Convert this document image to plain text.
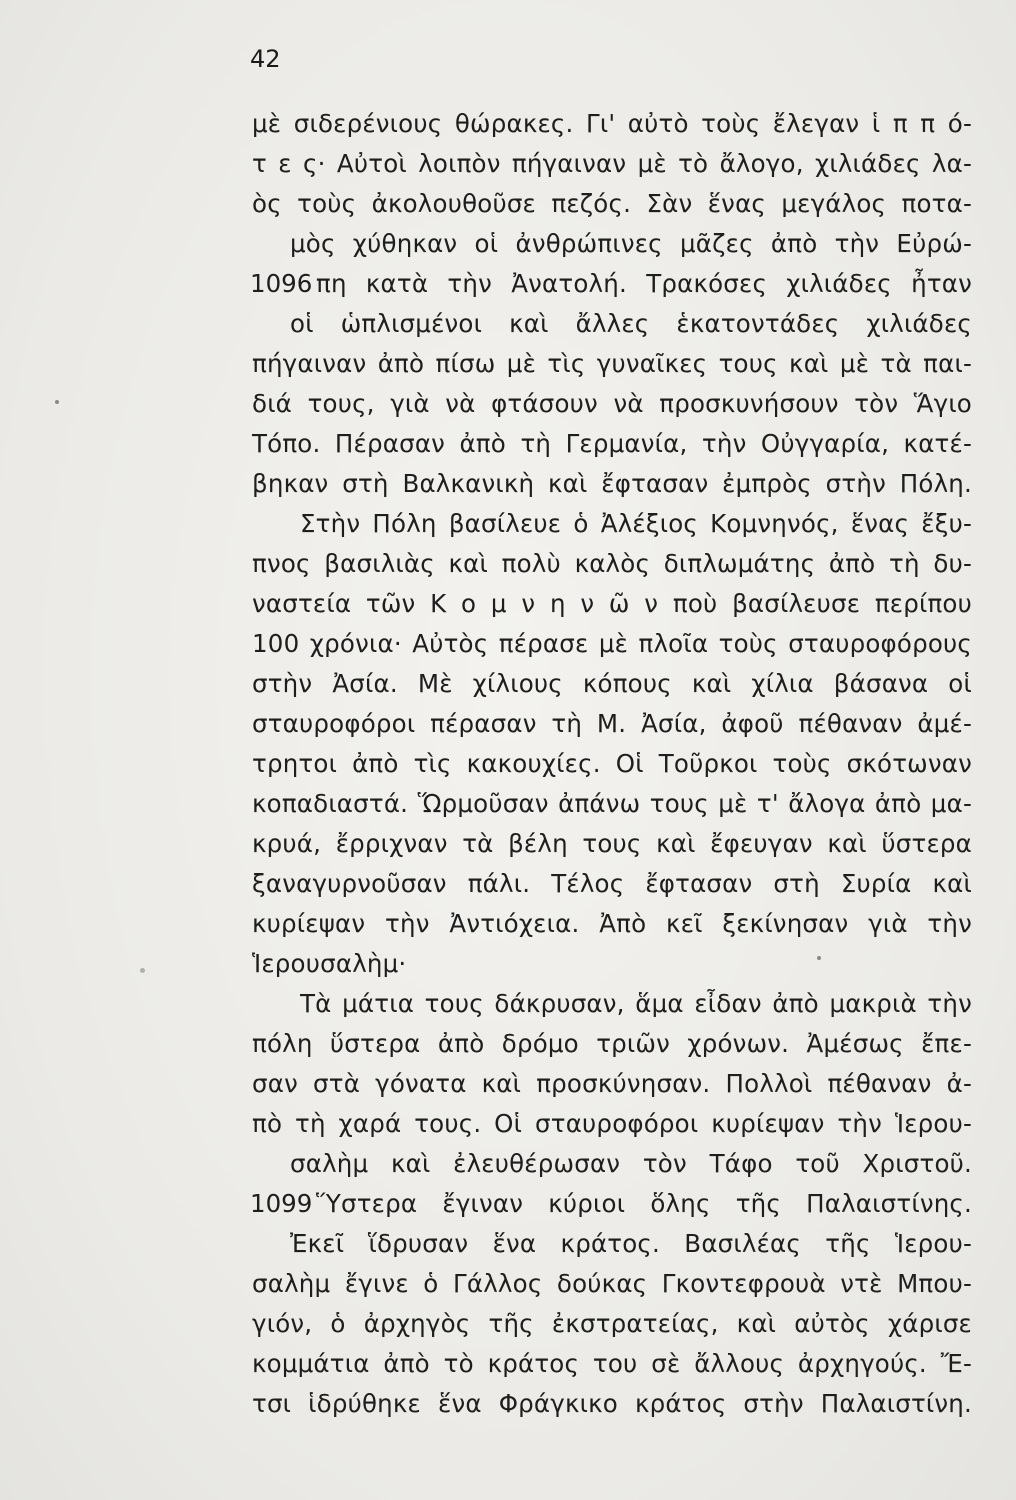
42
μὲ σιδερένιους θώρακες. Γι' αὐτὸ τοὺς ἔλεγαν ἱ π π ό-
τ ε ς· Αὐτοὶ λοιπὸν πήγαιναν μὲ τὸ ἄλογο, χιλιάδες λα-
ὸς τοὺς ἀκολουθοῦσε πεζός. Σὰν ἕνας μεγάλος ποτα-
μὸς χύθηκαν οἱ ἀνθρώπινες μᾶζες ἀπὸ τὴν Εὐρώ-
1096 πη κατὰ τὴν Ἀνατολή. Τρακόσες χιλιάδες ἦταν
οἱ ὡπλισμένοι καὶ ἄλλες ἑκατοντάδες χιλιάδες
πήγαιναν ἀπὸ πίσω μὲ τὶς γυναῖκες τους καὶ μὲ τὰ παι-
διά τους, γιὰ νὰ φτάσουν νὰ προσκυνήσουν τὸν Ἅγιο
Τόπο. Πέρασαν ἀπὸ τὴ Γερμανία, τὴν Οὐγγαρία, κατέ-
βηκαν στὴ Βαλκανικὴ καὶ ἔφτασαν ἐμπρὸς στὴν Πόλη.
Στὴν Πόλη βασίλευε ὁ Ἀλέξιος Κομνηνός, ἕνας ἔξυ-
πνος βασιλιὰς καὶ πολὺ καλὸς διπλωμάτης ἀπὸ τὴ δυ-
ναστεία τῶν Κ ο μ ν η ν ῶ ν ποὺ βασίλευσε περίπου
100 χρόνια· Αὐτὸς πέρασε μὲ πλοῖα τοὺς σταυροφόρους
στὴν Ἀσία. Μὲ χίλιους κόπους καὶ χίλια βάσανα οἱ
σταυροφόροι πέρασαν τὴ Μ. Ἀσία, ἀφοῦ πέθαναν ἀμέ-
τρητοι ἀπὸ τὶς κακουχίες. Οἱ Τοῦρκοι τοὺς σκότωναν
κοπαδιαστά. Ὥρμοῦσαν ἀπάνω τους μὲ τ' ἄλογα ἀπὸ μα-
κρυά, ἔρριχναν τὰ βέλη τους καὶ ἔφευγαν καὶ ὕστερα
ξαναγυρνοῦσαν πάλι. Τέλος ἔφτασαν στὴ Συρία καὶ
κυρίεψαν τὴν Ἀντιόχεια. Ἀπὸ κεῖ ξεκίνησαν γιὰ τὴν
Ἱερουσαλὴμ·
Τὰ μάτια τους δάκρυσαν, ἅμα εἶδαν ἀπὸ μακριὰ τὴν
πόλη ὕστερα ἀπὸ δρόμο τριῶν χρόνων. Ἀμέσως ἔπε-
σαν στὰ γόνατα καὶ προσκύνησαν. Πολλοὶ πέθαναν ἀ-
πὸ τὴ χαρά τους. Οἱ σταυροφόροι κυρίεψαν τὴν Ἱερου-
σαλὴμ καὶ ἐλευθέρωσαν τὸν Τάφο τοῦ Χριστοῦ.
1099 Ὕστερα ἔγιναν κύριοι ὅλης τῆς Παλαιστίνης.
Ἐκεῖ ἵδρυσαν ἕνα κράτος. Βασιλέας τῆς Ἱερου-
σαλὴμ ἔγινε ὁ Γάλλος δούκας Γκοντεφρουὰ ντὲ Μπου-
γιόν, ὁ ἀρχηγὸς τῆς ἐκστρατείας, καὶ αὐτὸς χάρισε
κομμάτια ἀπὸ τὸ κράτος του σὲ ἄλλους ἀρχηγούς. Ἔ-
τσι ἱδρύθηκε ἕνα Φράγκικο κράτος στὴν Παλαιστίνη.
